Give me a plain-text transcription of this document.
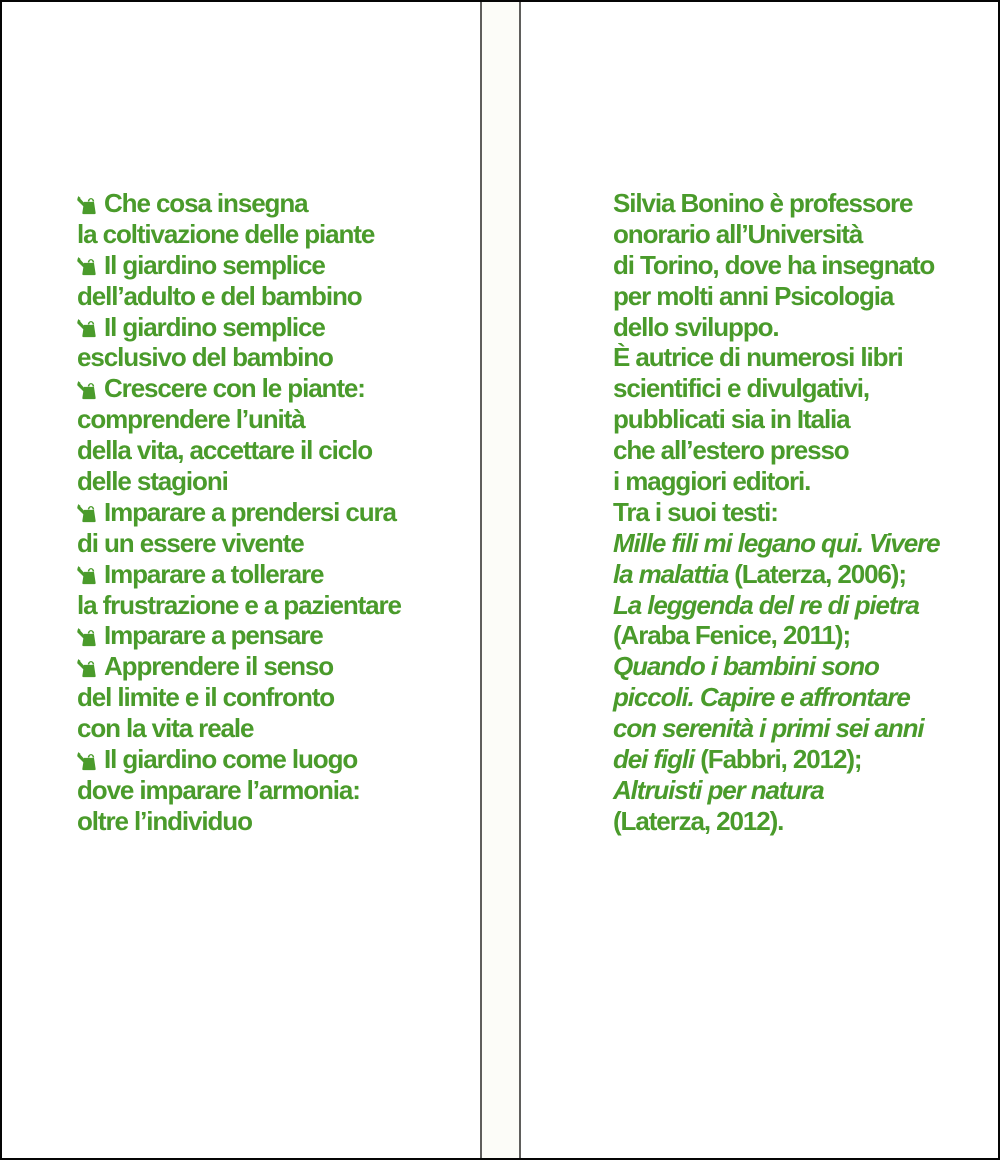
Che cosa insegna
la coltivazione delle piante
Il giardino semplice
dell’adulto e del bambino
Il giardino semplice
esclusivo del bambino
Crescere con le piante:
comprendere l’unità
della vita, accettare il ciclo
delle stagioni
Imparare a prendersi cura
di un essere vivente
Imparare a tollerare
la frustrazione e a pazientare
Imparare a pensare
Apprendere il senso
del limite e il confronto
con la vita reale
Il giardino come luogo
dove imparare l’armonia:
oltre l’individuo
Silvia Bonino è professore
onorario all’Università
di Torino, dove ha insegnato
per molti anni Psicologia
dello sviluppo.
È autrice di numerosi libri
scientifici e divulgativi,
pubblicati sia in Italia
che all’estero presso
i maggiori editori.
Tra i suoi testi:
Mille fili mi legano qui. Vivere
la malattia (Laterza, 2006);
La leggenda del re di pietra
(Araba Fenice, 2011);
Quando i bambini sono
piccoli. Capire e affrontare
con serenità i primi sei anni
dei figli (Fabbri, 2012);
Altruisti per natura
(Laterza, 2012).
